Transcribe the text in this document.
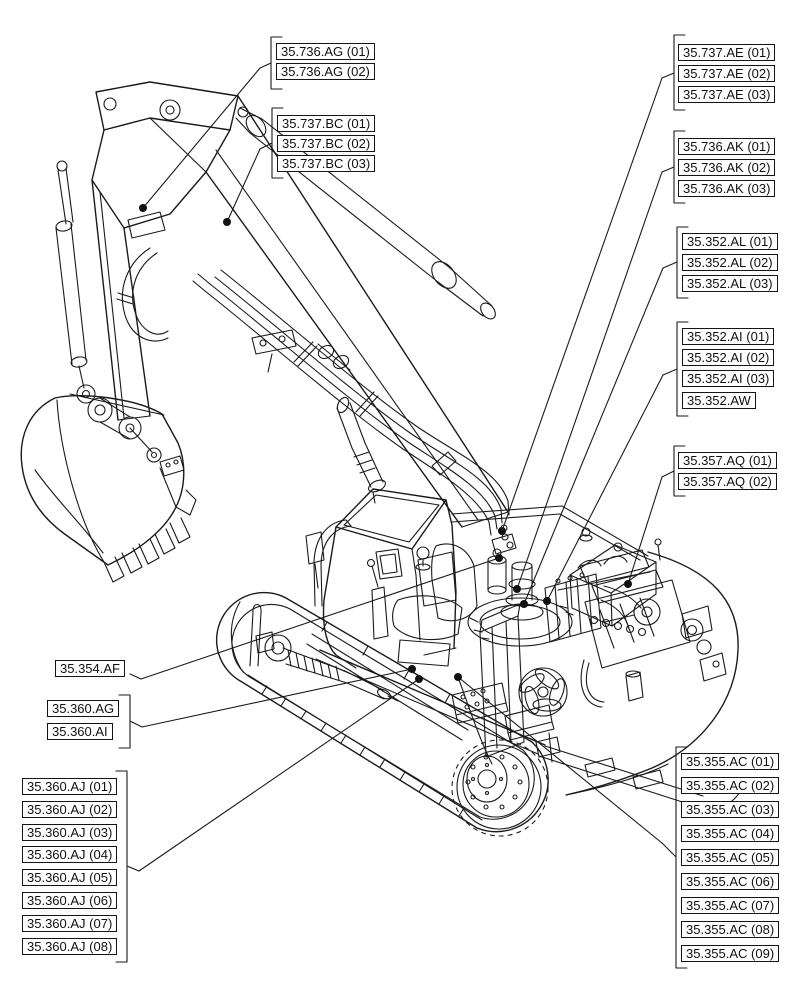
35.736.AG (01)
35.736.AG (02)
35.737.BC (01)
35.737.BC (02)
35.737.BC (03)
35.737.AE (01)
35.737.AE (02)
35.737.AE (03)
35.736.AK (01)
35.736.AK (02)
35.736.AK (03)
35.352.AL (01)
35.352.AL (02)
35.352.AL (03)
35.352.AI (01)
35.352.AI (02)
35.352.AI (03)
35.352.AW
35.357.AQ (01)
35.357.AQ (02)
35.354.AF
35.360.AG
35.360.AI
35.360.AJ (01)
35.360.AJ (02)
35.360.AJ (03)
35.360.AJ (04)
35.360.AJ (05)
35.360.AJ (06)
35.360.AJ (07)
35.360.AJ (08)
35.355.AC (01)
35.355.AC (02)
35.355.AC (03)
35.355.AC (04)
35.355.AC (05)
35.355.AC (06)
35.355.AC (07)
35.355.AC (08)
35.355.AC (09)
